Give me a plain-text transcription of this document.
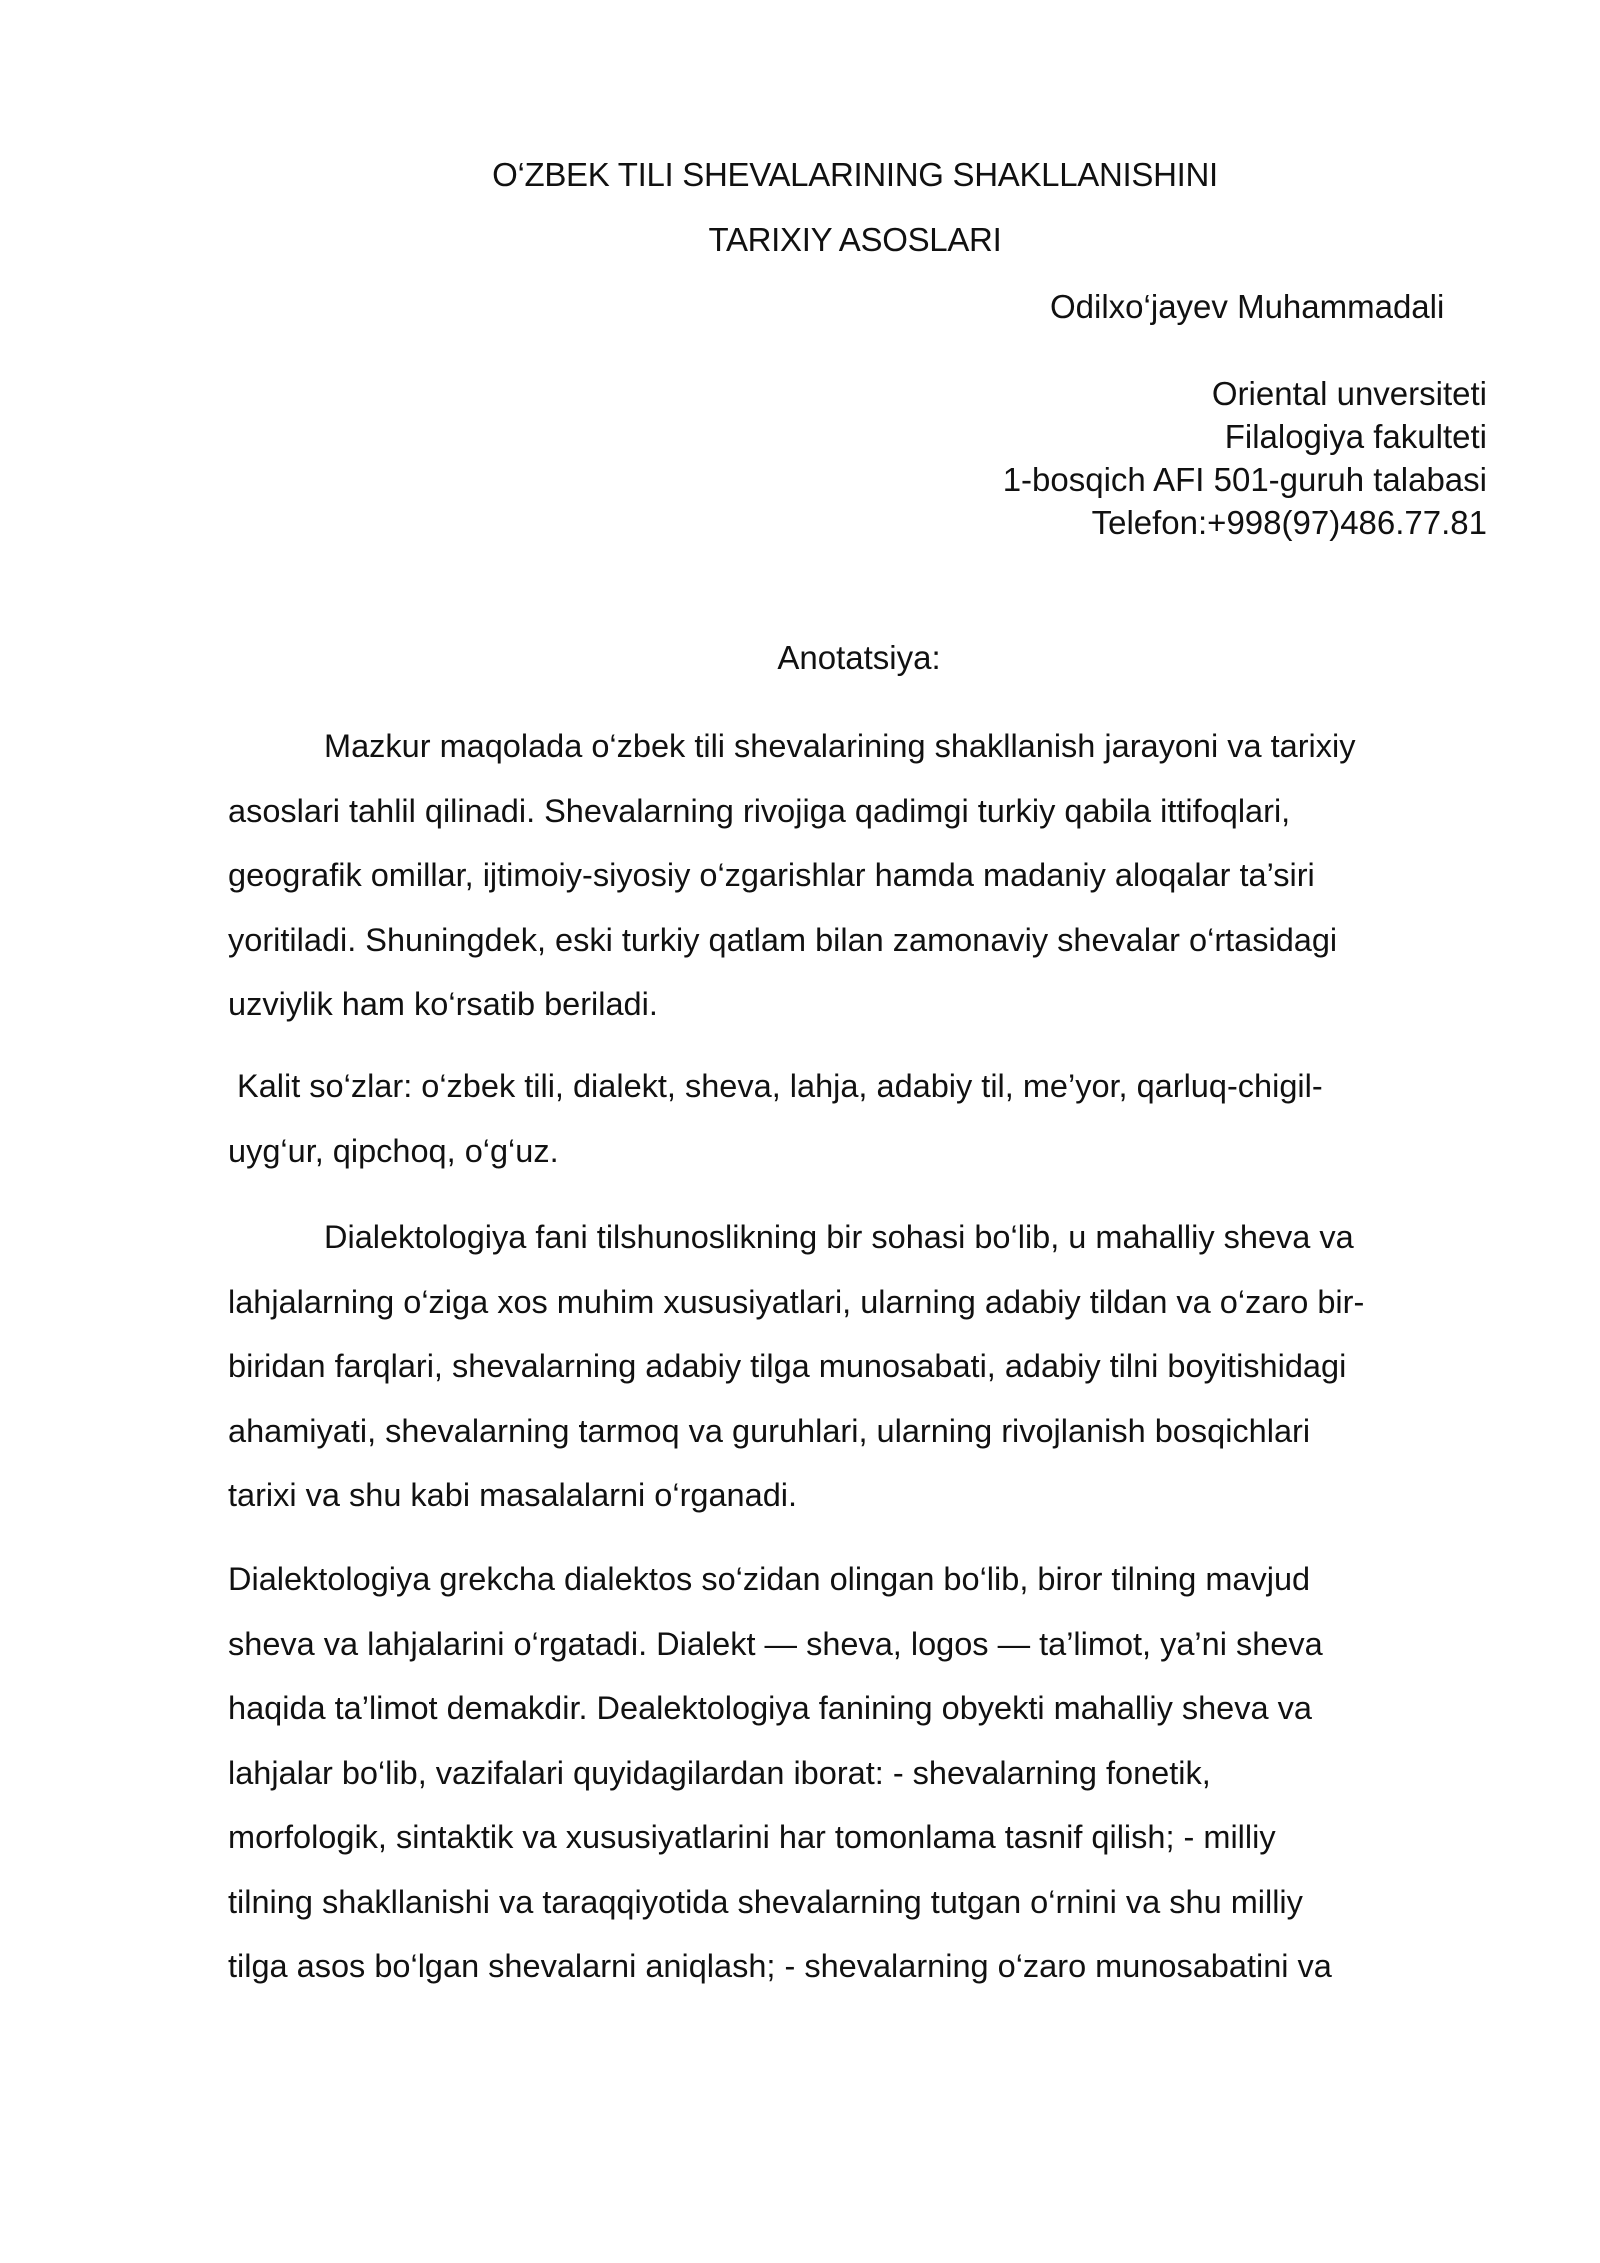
O‘ZBEK TILI SHEVALARINING SHAKLLANISHINI
TARIXIY ASOSLARI
Odilxo‘jayev Muhammadali
Oriental unversiteti
Filalogiya fakulteti
1-bosqich AFI 501-guruh talabasi
Telefon:+998(97)486.77.81
Anotatsiya:
Mazkur maqolada o‘zbek tili shevalarining shakllanish jarayoni va tarixiy
asoslari tahlil qilinadi. Shevalarning rivojiga qadimgi turkiy qabila ittifoqlari,
geografik omillar, ijtimoiy-siyosiy o‘zgarishlar hamda madaniy aloqalar ta’siri
yoritiladi. Shuningdek, eski turkiy qatlam bilan zamonaviy shevalar o‘rtasidagi
uzviylik ham ko‘rsatib beriladi.
Kalit so‘zlar: o‘zbek tili, dialekt, sheva, lahja, adabiy til, me’yor, qarluq-chigil-
uyg‘ur, qipchoq, o‘g‘uz.
Dialektologiya fani tilshunoslikning bir sohasi bo‘lib, u mahalliy sheva va
lahjalarning o‘ziga xos muhim xususiyatlari, ularning adabiy tildan va o‘zaro bir-
biridan farqlari, shevalarning adabiy tilga munosabati, adabiy tilni boyitishidagi
ahamiyati, shevalarning tarmoq va guruhlari, ularning rivojlanish bosqichlari
tarixi va shu kabi masalalarni o‘rganadi.
Dialektologiya grekcha dialektos so‘zidan olingan bo‘lib, biror tilning mavjud
sheva va lahjalarini o‘rgatadi. Dialekt — sheva, logos — ta’limot, ya’ni sheva
haqida ta’limot demakdir. Dealektologiya fanining obyekti mahalliy sheva va
lahjalar bo‘lib, vazifalari quyidagilardan iborat: - shevalarning fonetik,
morfologik, sintaktik va xususiyatlarini har tomonlama tasnif qilish; - milliy
tilning shakllanishi va taraqqiyotida shevalarning tutgan o‘rnini va shu milliy
tilga asos bo‘lgan shevalarni aniqlash; - shevalarning o‘zaro munosabatini va
